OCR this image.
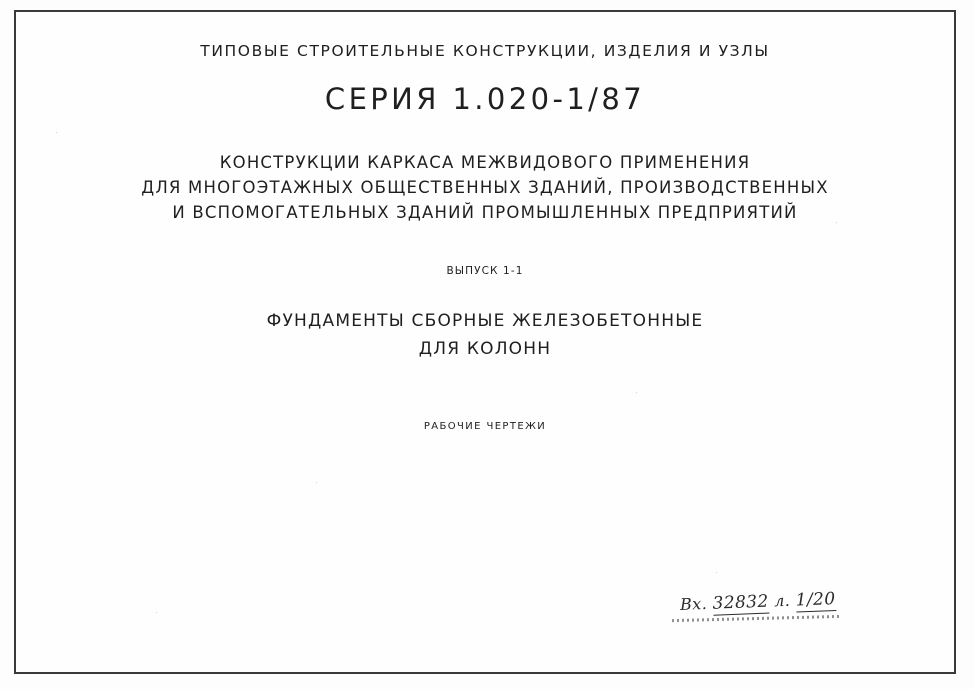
ТИПОВЫЕ СТРОИТЕЛЬНЫЕ КОНСТРУКЦИИ, ИЗДЕЛИЯ И УЗЛЫ
СЕРИЯ 1.020-1/87
КОНСТРУКЦИИ КАРКАСА МЕЖВИДОВОГО ПРИМЕНЕНИЯ
ДЛЯ МНОГОЭТАЖНЫХ ОБЩЕСТВЕННЫХ ЗДАНИЙ, ПРОИЗВОДСТВЕННЫХ
И ВСПОМОГАТЕЛЬНЫХ ЗДАНИЙ ПРОМЫШЛЕННЫХ ПРЕДПРИЯТИЙ
ВЫПУСК 1-1
ФУНДАМЕНТЫ СБОРНЫЕ ЖЕЛЕЗОБЕТОННЫЕ
ДЛЯ КОЛОНН
РАБОЧИЕ ЧЕРТЕЖИ
Вх. 32832 л. 1/20
